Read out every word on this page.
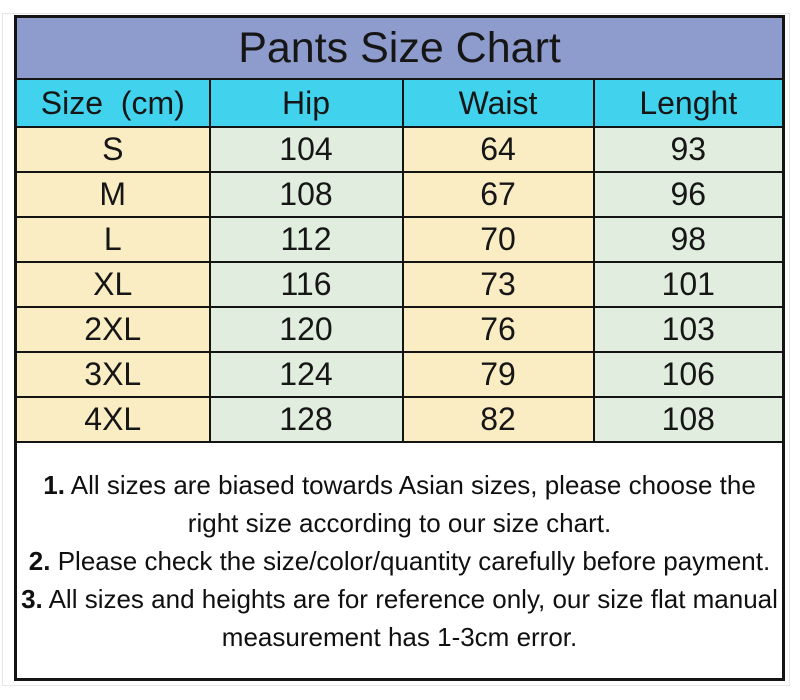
Pants Size Chart			
Size  (cm)	Hip	Waist	Lenght
S	104	64	93
M	108	67	96
L	112	70	98
XL	116	73	101
2XL	120	76	103
3XL	124	79	106
4XL	128	82	108

1. All sizes are biased towards Asian sizes, please choose the right size according to our size chart.

2. Please check the size/color/quantity carefully before payment.

3. All sizes and heights are for reference only, our size flat manual measurement has 1-3cm error.			
